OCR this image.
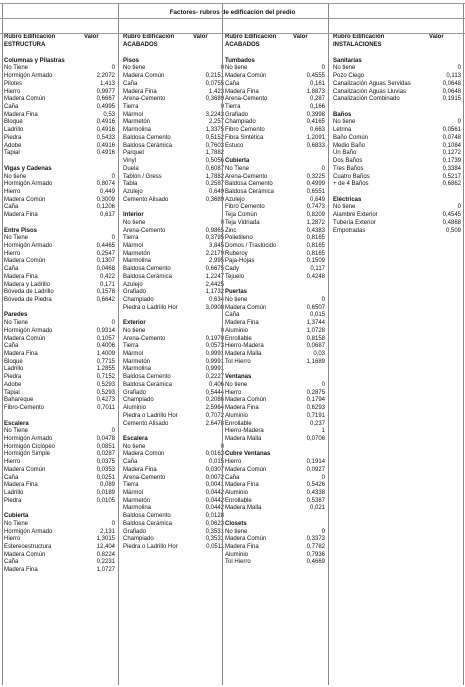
Factores- rubros de edificación del predio
Rubro Edificación
ESTRUCTURA
Valor
Columnas y Pilastras
No Tiene	0
Hormigón Armado	2,2072
Pilotes	1,413
Hierro	0,9977
Madera Común	0,6667
Caña	0,4995
Madera Fina	0,53
Bloque	0,4916
Ladrillo	0,4916
Piedra	0,5433
Adobe	0,4916
Tapial	0,4916
Vigas y Cadenas
No tiene	0
Hormigón Armado	0,8074
Hierro	0,449
Madera Común	0,3009
Caña	0,1206
Madera Fina	0,617
Entre Pisos
No Tiene	0
Hormigón Armado	0,4465
Hierro	0,2547
Madera Común	0,1307
Caña	0,0468
Madera Fina	0,422
Madera y Ladrillo	0,171
Bóveda de Ladrillo	0,1578
Bóveda de Piedra	0,6642
Paredes
No Tiene	0
Hormigón Armado	0,9314
Madera Común	0,1057
Caña	0,4006
Madera Fina	1,4009
Bloque	0,7715
Ladrillo	1,2855
Piedra	0,7152
Adobe	0,5293
Tapial	0,5293
Bahareque	0,4273
Fibro-Cemento	0,7011
Escalera
No Tiene	0
Hormigón Armado	0,0478
Hormigón Ciclópeo	0,0851
Hormigón Simple	0,0287
Hierro	0,0375
Madera Común	0,0353
Caña	0,0251
Madera Fina	0,089
Ladrillo	0,0189
Piedra	0,0105
Cubierta
No Tiene	0
Hormigón Armado	2,131
Hierro	1,3015
Estereoestructura	12,404
Madera Común	0,8224
Caña	0,2231
Madera Fina	1,0727
Rubro Edificación
ACABADOS
Valor
Pisos
No tiene	0
Madera Común	0,2151
Caña	0,0755
Madera Fina	1,423
Arena-Cemento	0,3689
Tierra	0
Mármol	3,2243
Marmetón	2,257
Marmolina	1,3375
Baldosa Cemento	0,5152
Baldosa Cerámica	0,7603
Parquet	1,7882
Vinyl	0,5056
Duela	0,6087
Tablón / Gress	1,7882
Tabla	0,2587
Azulejo	0,649
Cemento Alisado	0,3689
Interior
No tiene	0
Arena-Cemento	0,9865
Tierra	0,3795
Mármol	3,845
Marmetón	2,2179
Marmolina	2,995
Baldosa Cemento	0,6675
Baldosa Cerámica	1,2247
Azulejo	2,4425
Grafiado	1,1732
Champiado	0,634
Piedra o Ladrillo Hor	3,0908
Exterior
No tiene	0
Arena-Cemento	0,1970
Tierra	0,0573
Mármol	0,9991
Marmetón	0,9991
Marmolina	0,9991
Baldosa Cemento	0,2227
Baldosa Cerámica	0,406
Grafiado	0,5444
Champiado	0,2086
Aluminio	2,5964
Piedra o Ladrillo Hor	0,7072
Cemento Alisado	2,6478
Escalera
No tiene	0
Madera Común	0,0163
Caña	0,015
Madera Fina	0,0307
Arena-Cemento	0,0072
Tierra	0,0041
Mármol	0,0442
Marmetón	0,0442
Marmolina	0,0442
Baldosa Cemento	0,0128
Baldosa Cerámica	0,0623
Grafiado	0,3531
Champiado	0,3531
Piedra o Ladrillo Hor	0,0511
Rubro Edificación
ACABADOS
Valor
Tumbados
No tiene	0
Madera Común	0,4555
Caña	0,161
Madera Fina	1,8873
Arena-Cemento	0,287
Tierra	0,166
Grafiado	0,3998
Champiado	0,4165
Fibro Cemento	0,663
Fibra Sintética	1,2091
Estuco	0,6833
Cubierta
No Tiene	0
Arena-Cemento	0,3225
Baldosa Cemento	0,4999
Baldosa Cerámica	0,6551
Azulejo	0,649
Fibro Cemento	0,7473
Teja Común	0,8209
Teja Vidriada	1,2872
Zinc	0,4383
Polietileno	0,8165
Domos / Traslúcido	0,8165
Ruberoy	0,8165
Paja-Hojas	0,1509
Cady	0,117
Tejuelo	0,4248
Puertas
No tiene	0
Madera Común	0,6507
Caña	0,015
Madera Fina	1,3744
Aluminio	1,0728
Enrollable	0,8158
Hierro-Madera	0,0687
Madera Malla	0,03
Tol Hierro	1,1689
Ventanas
No tiene	0
Hierro	0,2875
Madera Común	0,1794
Madera Fina	0,6293
Aluminio	0,7191
Enrollable	0,237
Hierro-Madera	1
Madera Malla	0,0706
Cubre Ventanas
Hierro	0,1914
Madera Común	0,0927
Caña	0
Madera Fina	0,5426
Aluminio	0,4338
Enrollable	0,5387
Madera Malla	0,021
Closets
No tiene	0
Madera Común	0,3373
Madera Fina	0,7782
Aluminio	0,7936
Tol Hierro	0,4669
Rubro Edificación
INSTALACIONES
Valor
Sanitarias
No tiene	0
Pozo Ciego	0,113
Canalización Aguas Servidas	0,0648
Canalización Aguas Lluvias	0,0648
Canalización Combinado	0,1915
Baños
No tiene	0
Letrina	0,0561
Baño Común	0,0748
Medio Baño	0,1084
Un Baño	0,1272
Dos Baños	0,1739
Tres Baños	0,3384
Cuatro Baños	0,5217
+ de 4 Baños	0,6862
Eléctricas
No tiene	0
Alambre Exterior	0,4545
Tubería Exterior	0,4868
Empotradas	0,509
